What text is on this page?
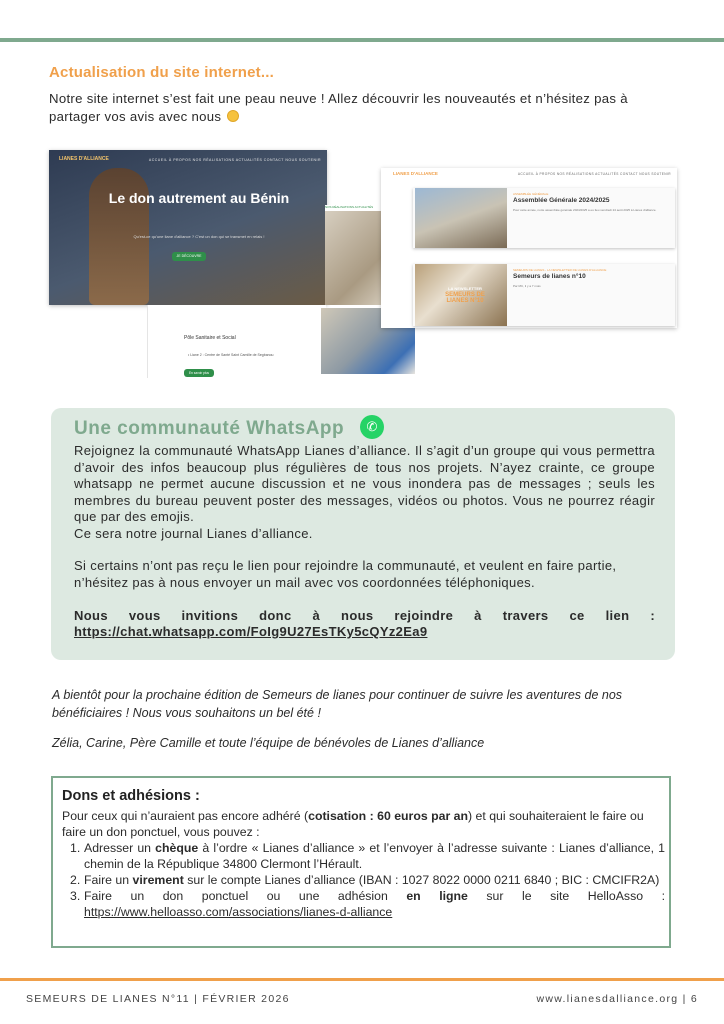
Actualisation du site internet...

Notre site internet s’est fait une peau neuve ! Allez découvrir les nouveautés et n’hésitez pas à partager vos avis avec nous

LIANES D'ALLIANCE	ACCUEIL À PROPOS NOS RÉALISATIONS ACTUALITÉS CONTACT NOUS SOUTENIR
Le don autrement au Bénin
Qu'est-ce qu'une liane d'alliance ? C'est un don qui se transmet en relais !
JE DÉCOUVRE
NOS RÉALISATIONS ACTUALITÉS
Pôle Sanitaire et Social
• Liane 2 : Centre de Santé Saint Camille de Segbanou
En savoir plus
LIANES D'ALLIANCE	ACCUEIL À PROPOS NOS RÉALISATIONS ACTUALITÉS CONTACT NOUS SOUTENIR
ASSEMBLÉE GÉNÉRALE
Assemblée Générale 2024/2025
Pour cette année, notre assemblée générale 2024/2025 a eu lieu vendredi 24 août 2025 à Lianes d'alliance.
LA NEWSLETTER
SEMEURS DE LIANES N°10
SEMEURS DE LIANES - LA NEWSLETTER DE LIANES D'ALLIANCE
Semeurs de lianes n°10
Par MC, il y a 7 mois
Une communauté WhatsApp	✆

Rejoignez la communauté WhatsApp Lianes d’alliance. Il s’agit d’un groupe qui vous permettra d’avoir des infos beaucoup plus régulières de tous nos projets. N’ayez crainte, ce groupe whatsapp ne permet aucune discussion et ne vous inondera pas de messages ; seuls les membres du bureau peuvent poster des messages, vidéos ou photos. Vous ne pourrez réagir que par des emojis.
Ce sera notre journal Lianes d’alliance.

Si certains n’ont pas reçu le lien pour rejoindre la communauté, et veulent en faire partie, n’hésitez pas à nous envoyer un mail avec vos coordonnées téléphoniques.

Nous vous invitions donc à nous rejoindre à travers ce lien :

https://chat.whatsapp.com/FoIg9U27EsTKy5cQYz2Ea9

A bientôt pour la prochaine édition de Semeurs de lianes pour continuer de suivre les aventures de nos bénéficiaires ! Nous vous souhaitons un bel été !

Zélia, Carine, Père Camille et toute l’équipe de bénévoles de Lianes d’alliance

Dons et adhésions :

Pour ceux qui n’auraient pas encore adhéré (cotisation : 60 euros par an) et qui souhaiteraient le faire ou faire un don ponctuel, vous pouvez :

1. Adresser un chèque à l’ordre « Lianes d’alliance » et l’envoyer à l’adresse suivante : Lianes d’alliance, 1 chemin de la République 34800 Clermont l’Hérault.
2. Faire un virement sur le compte Lianes d’alliance (IBAN : 1027 8022 0000 0211 6840 ; BIC : CMCIFR2A)
3. Faire un don ponctuel ou une adhésion en ligne sur le site HelloAsso :
https://www.helloasso.com/associations/lianes-d-alliance

SEMEURS DE LIANES N°11 | FÉVRIER 2026	www.lianesdalliance.org | 6
